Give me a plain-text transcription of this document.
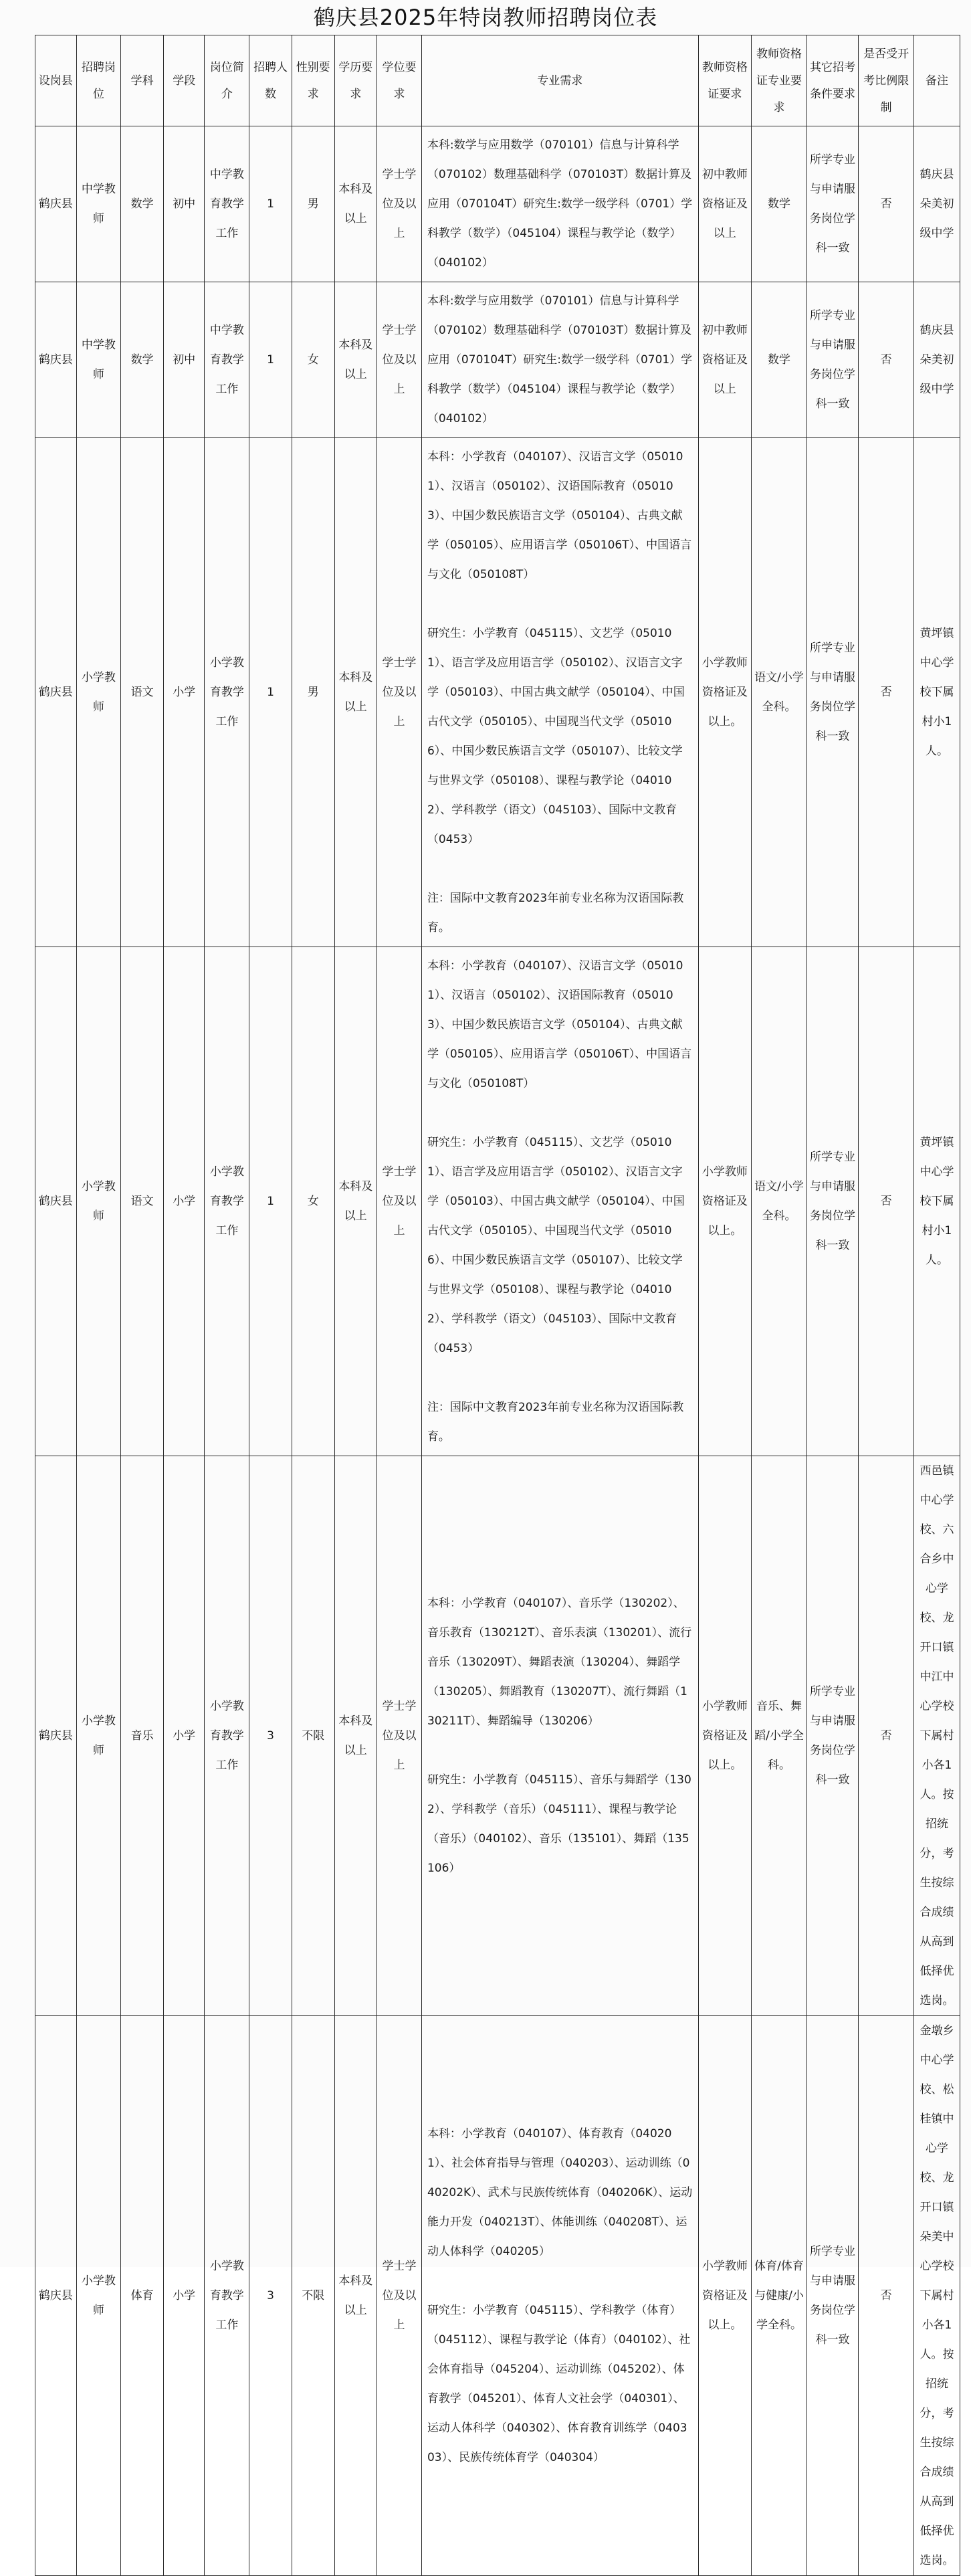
鹤庆县2025年特岗教师招聘岗位表
设岗县	招聘岗位	学科	学段	岗位简介	招聘人数	性别要求	学历要求	学位要求	专业需求	教师资格证要求	教师资格证专业要求	其它招考条件要求	是否受开考比例限制	备注
鹤庆县	中学教师	数学	初中	中学教育教学工作	1	男	本科及以上	学士学位及以上	本科:数学与应用数学（070101）信息与计算科学（070102）数理基础科学（070103T）数据计算及应用（070104T）研究生:数学一级学科（0701）学科教学（数学）（045104）课程与教学论（数学）（040102）	初中教师资格证及以上	数学	所学专业与申请服务岗位学科一致	否	鹤庆县朵美初级中学
鹤庆县	中学教师	数学	初中	中学教育教学工作	1	女	本科及以上	学士学位及以上	本科:数学与应用数学（070101）信息与计算科学（070102）数理基础科学（070103T）数据计算及应用（070104T）研究生:数学一级学科（0701）学科教学（数学）（045104）课程与教学论（数学）（040102）	初中教师资格证及以上	数学	所学专业与申请服务岗位学科一致	否	鹤庆县朵美初级中学
鹤庆县	小学教师	语文	小学	小学教育教学工作	1	男	本科及以上	学士学位及以上	本科：小学教育（040107）、汉语言文学（050101）、汉语言（050102）、汉语国际教育（050103）、中国少数民族语言文学（050104）、古典文献学（050105）、应用语言学（050106T）、中国语言与文化（050108T）

研究生：小学教育（045115）、文艺学（050101）、语言学及应用语言学（050102）、汉语言文字学（050103）、中国古典文献学（050104）、中国古代文学（050105）、中国现当代文学（050106）、中国少数民族语言文学（050107）、比较文学与世界文学（050108）、课程与教学论（040102）、学科教学（语文）（045103）、国际中文教育（0453）

注：国际中文教育2023年前专业名称为汉语国际教育。	小学教师资格证及以上。	语文/小学全科。	所学专业与申请服务岗位学科一致	否	黄坪镇中心学校下属村小1人。
鹤庆县	小学教师	语文	小学	小学教育教学工作	1	女	本科及以上	学士学位及以上	本科：小学教育（040107）、汉语言文学（050101）、汉语言（050102）、汉语国际教育（050103）、中国少数民族语言文学（050104）、古典文献学（050105）、应用语言学（050106T）、中国语言与文化（050108T）

研究生：小学教育（045115）、文艺学（050101）、语言学及应用语言学（050102）、汉语言文字学（050103）、中国古典文献学（050104）、中国古代文学（050105）、中国现当代文学（050106）、中国少数民族语言文学（050107）、比较文学与世界文学（050108）、课程与教学论（040102）、学科教学（语文）（045103）、国际中文教育（0453）

注：国际中文教育2023年前专业名称为汉语国际教育。	小学教师资格证及以上。	语文/小学全科。	所学专业与申请服务岗位学科一致	否	黄坪镇中心学校下属村小1人。
鹤庆县	小学教师	音乐	小学	小学教育教学工作	3	不限	本科及以上	学士学位及以上	本科：小学教育（040107）、音乐学（130202）、音乐教育（130212T）、音乐表演（130201）、流行音乐（130209T）、舞蹈表演（130204）、舞蹈学（130205）、舞蹈教育（130207T）、流行舞蹈（130211T）、舞蹈编导（130206）

研究生：小学教育（045115）、音乐与舞蹈学（1302）、学科教学（音乐）（045111）、课程与教学论（音乐）（040102）、音乐（135101）、舞蹈（135106）	小学教师资格证及以上。	音乐、舞蹈/小学全科。	所学专业与申请服务岗位学科一致	否	西邑镇中心学校、六合乡中心学校、龙开口镇中江中心学校下属村小各1人。按招统分，考生按综合成绩从高到低择优选岗。
鹤庆县	小学教师	体育	小学	小学教育教学工作	3	不限	本科及以上	学士学位及以上	本科：小学教育（040107）、体育教育（040201）、社会体育指导与管理（040203）、运动训练（040202K）、武术与民族传统体育（040206K）、运动能力开发（040213T）、体能训练（040208T）、运动人体科学（040205）

研究生：小学教育（045115）、学科教学（体育）（045112）、课程与教学论（体育）（040102）、社会体育指导（045204）、运动训练（045202）、体育教学（045201）、体育人文社会学（040301）、运动人体科学（040302）、体育教育训练学（040303）、民族传统体育学（040304）	小学教师资格证及以上。	体育/体育与健康/小学全科。	所学专业与申请服务岗位学科一致	否	金墩乡中心学校、松桂镇中心学校、龙开口镇朵美中心学校下属村小各1人。按招统分，考生按综合成绩从高到低择优选岗。
